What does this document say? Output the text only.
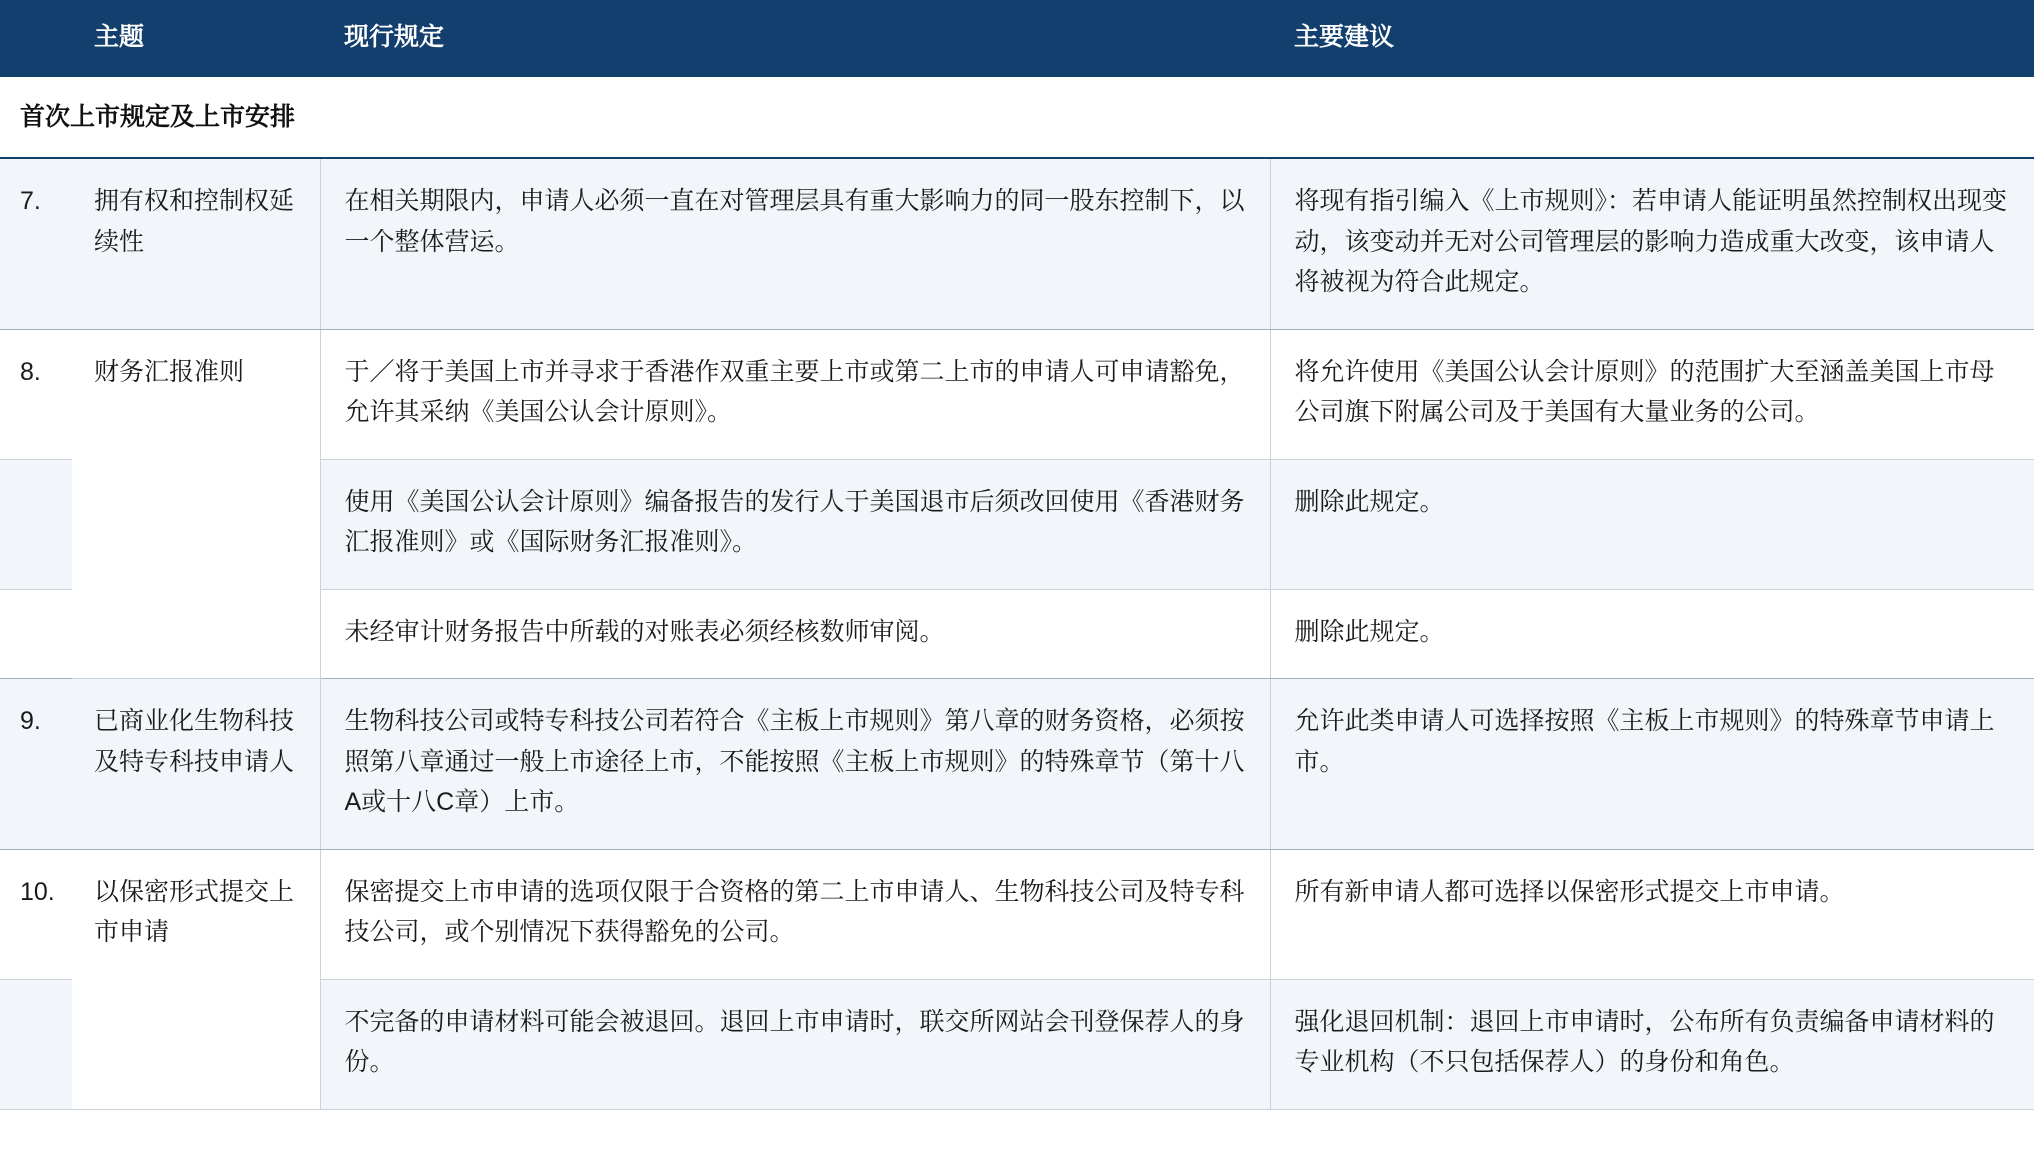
	主题	现行规定	主要建议
首次上市规定及上市安排			
7.	拥有权和控制权延续性	在相关期限内，申请人必须一直在对管理层具有重大影响力的同一股东控制下，以一个整体营运。	将现有指引编入《上市规则》：若申请人能证明虽然控制权出现变动，该变动并无对公司管理层的影响力造成重大改变，该申请人将被视为符合此规定。
8.	财务汇报准则	于／将于美国上市并寻求于香港作双重主要上市或第二上市的申请人可申请豁免，允许其采纳《美国公认会计原则》。	将允许使用《美国公认会计原则》的范围扩大至涵盖美国上市母公司旗下附属公司及于美国有大量业务的公司。
		使用《美国公认会计原则》编备报告的发行人于美国退市后须改回使用《香港财务汇报准则》或《国际财务汇报准则》。	删除此规定。
		未经审计财务报告中所载的对账表必须经核数师审阅。	删除此规定。
9.	已商业化生物科技及特专科技申请人	生物科技公司或特专科技公司若符合《主板上市规则》第八章的财务资格，必须按照第八章通过一般上市途径上市，不能按照《主板上市规则》的特殊章节（第十八A或十八C章）上市。	允许此类申请人可选择按照《主板上市规则》的特殊章节申请上市。
10.	以保密形式提交上市申请	保密提交上市申请的选项仅限于合资格的第二上市申请人、生物科技公司及特专科技公司，或个别情况下获得豁免的公司。	所有新申请人都可选择以保密形式提交上市申请。
		不完备的申请材料可能会被退回。退回上市申请时，联交所网站会刊登保荐人的身份。	强化退回机制：退回上市申请时，公布所有负责编备申请材料的专业机构（不只包括保荐人）的身份和角色。
